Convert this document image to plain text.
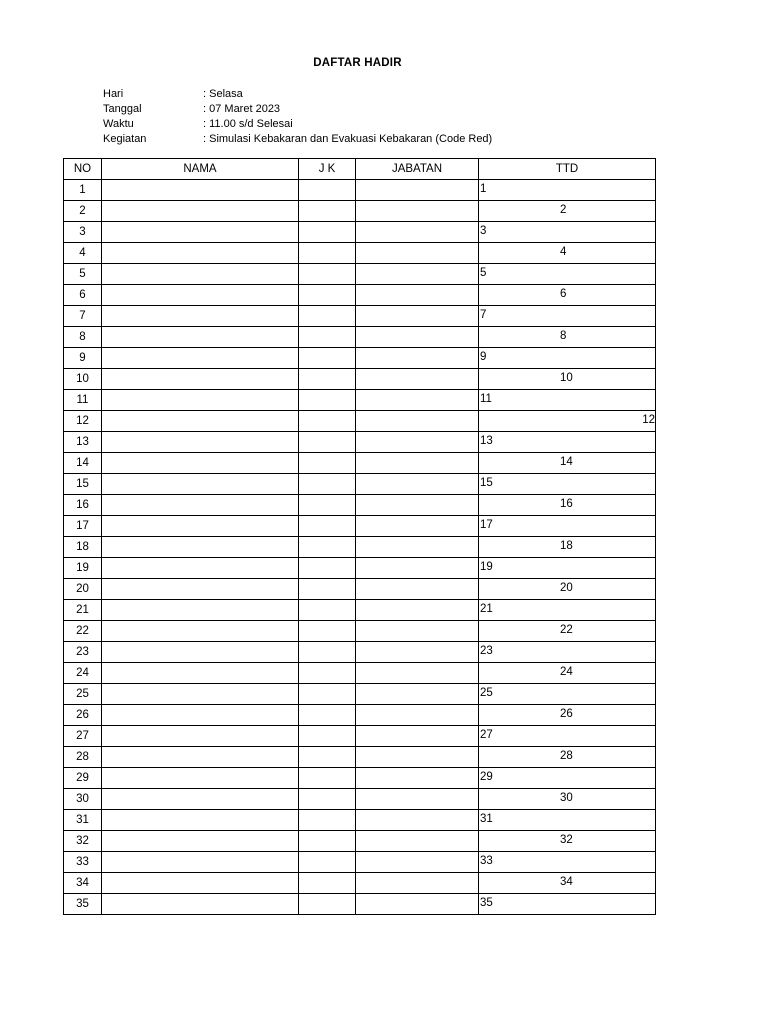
DAFTAR HADIR
Hari	: Selasa
Tanggal	: 07 Maret 2023
Waktu	: 11.00 s/d Selesai
Kegiatan	: Simulasi Kebakaran dan Evakuasi Kebakaran (Code Red)
NO	NAMA	J K	JABATAN	TTD
1				1

2				2

3				3

4				4

5				5

6				6

7				7

8				8

9				9

10				10

11				11

12				12

13				13

14				14

15				15

16				16

17				17

18				18

19				19

20				20

21				21

22				22

23				23

24				24

25				25

26				26

27				27

28				28

29				29

30				30

31				31

32				32

33				33

34				34

35				35
